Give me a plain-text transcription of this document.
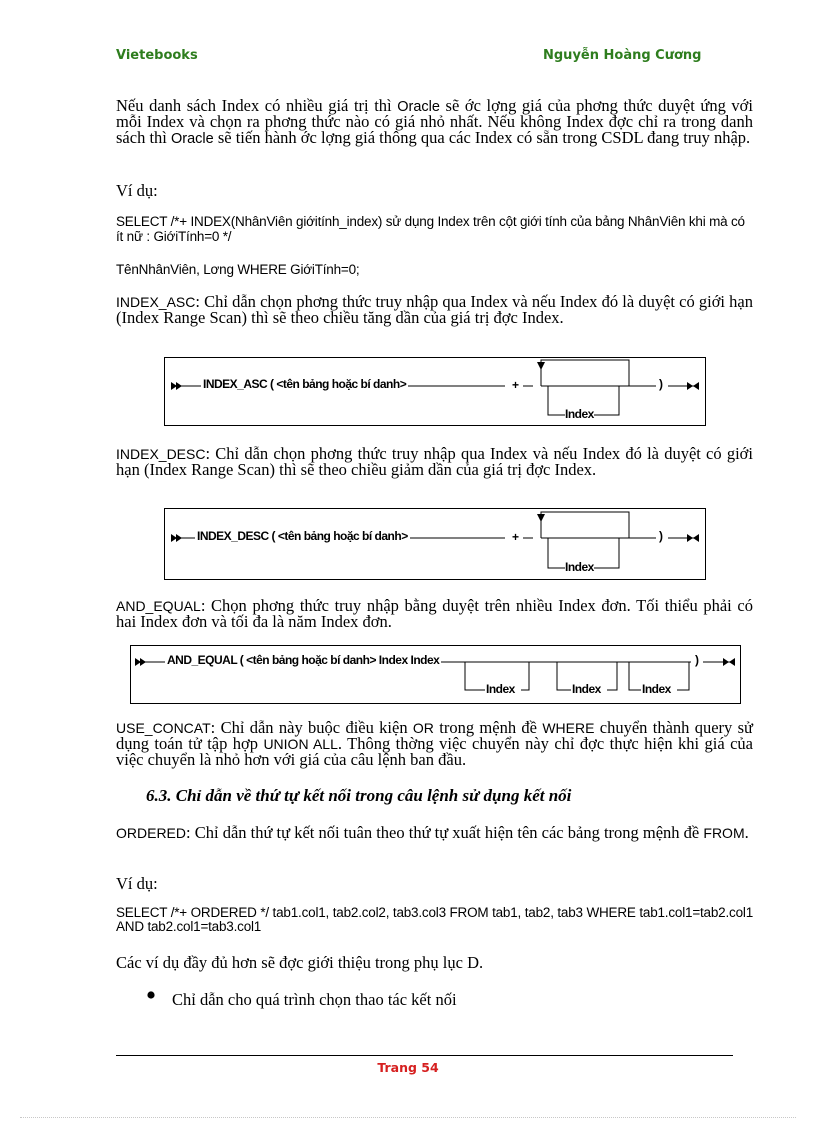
Vietebooks	Nguyễn Hoàng Cương
Nếu danh sách Index có nhiều giá trị thì Oracle sẽ ớc lợng giá của phơng thức duyệt ứng với mỗi Index và chọn ra phơng thức nào có giá nhỏ nhất. Nếu không Index đợc chỉ ra trong danh sách thì Oracle sẽ tiến hành ớc lợng giá thông qua các Index có sẵn trong CSDL đang truy nhập.
Ví dụ:
SELECT /*+ INDEX(NhânViên giớitính_index) sử dụng Index trên cột giới tính của bảng NhânViên khi mà có ít nữ : GiớiTính=0 */
TênNhânViên, Lơng WHERE GiớiTính=0;
INDEX_ASC: Chỉ dẫn chọn phơng thức truy nhập qua Index và nếu Index đó là duyệt có giới hạn (Index Range Scan) thì sẽ theo chiều tăng dần của giá trị đợc Index.
INDEX_ASC ( <tên bảng hoặc bí danh>	+
Index
)
INDEX_DESC: Chỉ dẫn chọn phơng thức truy nhập qua Index và nếu Index đó là duyệt có giới hạn (Index Range Scan) thì sẽ theo chiều giảm dần của giá trị đợc Index.
INDEX_DESC ( <tên bảng hoặc bí danh>	+
Index
)
AND_EQUAL: Chọn phơng thức truy nhập bằng duyệt trên nhiều Index đơn. Tối thiểu phải có hai Index đơn và tối đa là năm Index đơn.
AND_EQUAL ( <tên bảng hoặc bí danh> Index Index
Index	Index	Index
)
USE_CONCAT: Chỉ dẫn này buộc điều kiện OR trong mệnh đề WHERE chuyển thành query sử dụng toán tử tập hợp UNION ALL. Thông thờng việc chuyển này chỉ đợc thực hiện khi giá của việc chuyển là nhỏ hơn với giá của câu lệnh ban đầu.
6.3. Chỉ dẫn về thứ tự kết nối trong câu lệnh sử dụng kết nối
ORDERED: Chỉ dẫn thứ tự kết nối tuân theo thứ tự xuất hiện tên các bảng trong mệnh đề FROM.
Ví dụ:
SELECT /*+ ORDERED */ tab1.col1, tab2.col2, tab3.col3 FROM tab1, tab2, tab3 WHERE tab1.col1=tab2.col1 AND tab2.col1=tab3.col1
Các ví dụ đầy đủ hơn sẽ đợc giới thiệu trong phụ lục D.
Chỉ dẫn cho quá trình chọn thao tác kết nối
Trang 54
